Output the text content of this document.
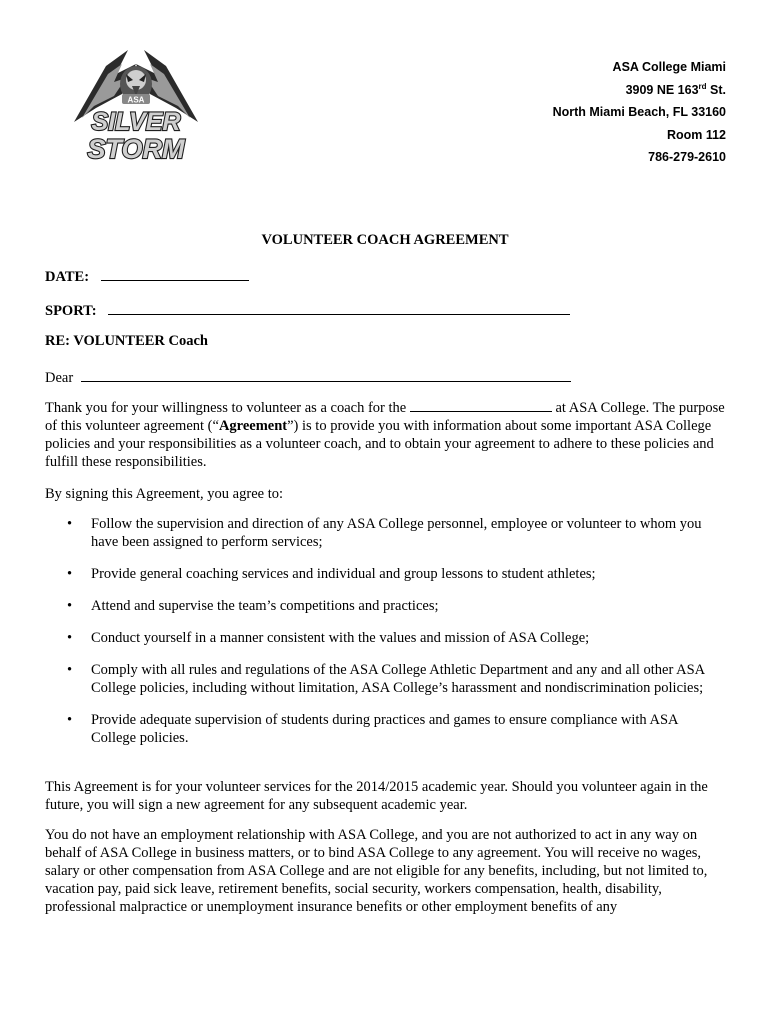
ASA
SILVER
STORM
ASA College Miami
3909 NE 163rd St.
North Miami Beach, FL 33160
Room 112
786-279-2610
VOLUNTEER COACH AGREEMENT
DATE:
SPORT:
RE: VOLUNTEER Coach
Dear

Thank you for your willingness to volunteer as a coach for the	at ASA College. The purpose of this volunteer agreement (“Agreement”) is to provide you with information about some important ASA College policies and your responsibilities as a volunteer coach, and to obtain your agreement to adhere to these policies and fulfill these responsibilities.

By signing this Agreement, you agree to:
• Follow the supervision and direction of any ASA College personnel, employee or volunteer to whom you have been assigned to perform services;
• Provide general coaching services and individual and group lessons to student athletes;
• Attend and supervise the team’s competitions and practices;
• Conduct yourself in a manner consistent with the values and mission of ASA College;
• Comply with all rules and regulations of the ASA College Athletic Department and any and all other ASA College policies, including without limitation, ASA College’s harassment and nondiscrimination policies;
• Provide adequate supervision of students during practices and games to ensure compliance with ASA College policies.
This Agreement is for your volunteer services for the 2014/2015 academic year. Should you volunteer again in the future, you will sign a new agreement for any subsequent academic year.
You do not have an employment relationship with ASA College, and you are not authorized to act in any way on behalf of ASA College in business matters, or to bind ASA College to any agreement. You will receive no wages, salary or other compensation from ASA College and are not eligible for any benefits, including, but not limited to, vacation pay, paid sick leave, retirement benefits, social security, workers compensation, health, disability, professional malpractice or unemployment insurance benefits or other employment benefits of any
